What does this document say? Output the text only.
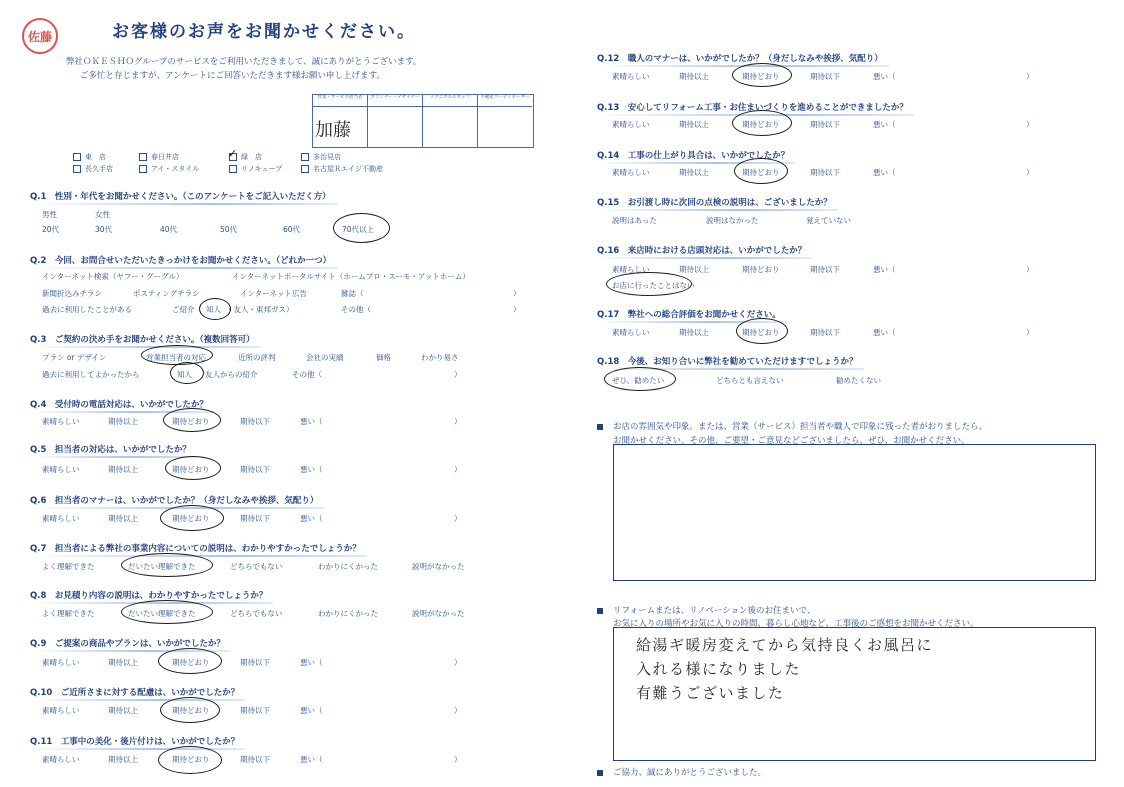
佐藤	お客様のお声をお聞かせください。
弊社ＯＫＥＳＨＯグループのサービスをご利用いただきまして、誠にありがとうございます。
ご多忙と存じますが、アンケートにご回答いただきます様お願い申し上げます。
営業・サービス担当者	プランナー・デザイナー	テクニカルスタッフ	不動産コーディネーター
加藤
東　店	春日井店	緑　店
✓	多治見店
長久手店	アイ・スタイル	リノキューブ	名古屋Ｒエイジ不動産
Q.1　性別・年代をお聞かせください。（このアンケートをご記入いただく方）
男性	女性
20代	30代	40代	50代	60代	70代以上
Q.2　今回、お問合せいただいたきっかけをお聞かせください。（どれか一つ）
インターネット検索（ヤフー・グーグル）	インターネットポータルサイト（ホームプロ・スーモ・アットホーム）
新聞折込みチラシ	ポスティングチラシ	インターネット広告	雑誌（	）
過去に利用したことがある	ご紹介（ 知人 ・友人・東邦ガス）	その他（	）
Q.3　ご契約の決め手をお聞かせください。（複数回答可）
プラン or デザイン	営業担当者の対応	近所の評判	会社の実績	価格	わかり易さ
過去に利用してよかったから	知人 友人からの紹介	その他（	）
Q.4　受付時の電話対応は、いかがでしたか？
素晴らしい	期待以上	期待どおり	期待以下	悪い（	）
Q.5　担当者の対応は、いかがでしたか？
素晴らしい	期待以上	期待どおり	期待以下	悪い（	）
Q.6　担当者のマナーは、いかがでしたか？（身だしなみや挨拶、気配り）
素晴らしい	期待以上	期待どおり	期待以下	悪い（	）
Q.7　担当者による弊社の事業内容についての説明は、わかりやすかったでしょうか？
よく理解できた	だいたい理解できた	どちらでもない	わかりにくかった	説明がなかった
Q.8　お見積り内容の説明は、わかりやすかったでしょうか？
よく理解できた	だいたい理解できた	どちらでもない	わかりにくかった	説明がなかった
Q.9　ご提案の商品やプランは、いかがでしたか？
素晴らしい	期待以上	期待どおり	期待以下	悪い（	）
Q.10　ご近所さまに対する配慮は、いかがでしたか？
素晴らしい	期待以上	期待どおり	期待以下	悪い（	）
Q.11　工事中の美化・後片付けは、いかがでしたか？
素晴らしい	期待以上	期待どおり	期待以下	悪い（	）
Q.12　職人のマナーは、いかがでしたか？（身だしなみや挨拶、気配り）
素晴らしい	期待以上	期待どおり	期待以下	悪い（	）
Q.13　安心してリフォーム工事・お住まいづくりを進めることができましたか？
素晴らしい	期待以上	期待どおり	期待以下	悪い（	）
Q.14　工事の仕上がり具合は、いかがでしたか？
素晴らしい	期待以上	期待どおり	期待以下	悪い（	）
Q.15　お引渡し時に次回の点検の説明は、ございましたか？
説明はあった	説明はなかった	覚えていない
Q.16　来店時における店頭対応は、いかがでしたか？
素晴らしい	期待以上	期待どおり	期待以下	悪い（	）
お店に行ったことはない
Q.17　弊社への総合評価をお聞かせください。
素晴らしい	期待以上	期待どおり	期待以下	悪い（	）
Q.18　今後、お知り合いに弊社を勧めていただけますでしょうか？
ぜひ、勧めたい	どちらとも言えない	勧めたくない
お店の雰囲気や印象。または、営業（サービス）担当者や職人で印象に残った者がおりましたら、
お聞かせください。その他、ご要望・ご意見などございましたら、ぜひ、お聞かせください。
リフォームまたは、リノベーション後のお住まいで、
お気に入りの場所やお気に入りの時間、暮らし心地など、工事後のご感想をお聞かせください。
給湯ギ暖房変えてから気持良くお風呂に
入れる様になりました
有難うございました
ご協力、誠にありがとうございました。
